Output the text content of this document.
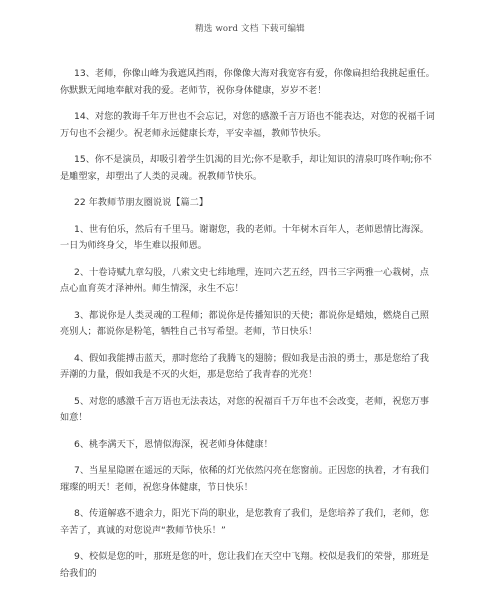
精选 word 文档 下载可编辑

13、老师，你像山峰为我遮风挡雨，你像像大海对我宽容有爱，你像扁担给我挑起重任。你默默无闻地奉献对我的爱。老师节，祝你身体健康，岁岁不老！

14、对您的教诲千年万世也不会忘记，对您的感激千言万语也不能表达，对您的祝福千词万句也不会褪少。祝老师永远健康长寿，平安幸福，教师节快乐。

15、你不是演员，却吸引着学生饥渴的目光;你不是歌手，却让知识的清泉叮咚作响;你不是雕塑家，却塑出了人类的灵魂。祝教师节快乐。

22 年教师节朋友圈说说【篇二】

1、世有伯乐，然后有千里马。谢谢您，我的老师。十年树木百年人，老师恩情比海深。一日为师终身父，毕生难以报师恩。

2、十卷诗赋九章勾股，八索文史七纬地理，连同六艺五经，四书三字两雅一心栽树，点点心血育英才泽神州。师生情深，永生不忘！

3、都说你是人类灵魂的工程师；都说你是传播知识的天使；都说你是蜡烛，燃烧自己照亮别人；都说你是粉笔，牺牲自己书写希望。老师，节日快乐！

4、假如我能搏击蓝天，那时您给了我腾飞的翅膀；假如我是击浪的勇士，那是您给了我弄潮的力量，假如我是不灭的火炬，那是您给了我青春的光亮！

5、对您的感激千言万语也无法表达，对您的祝福百千万年也不会改变，老师，祝您万事如意！

6、桃李满天下，恩情似海深，祝老师身体健康！

7、当星星隐匿在遥远的天际，依稀的灯光依然闪亮在您窗前。正因您的执着，才有我们璀璨的明天！老师，祝您身体健康，节日快乐！

8、传道解惑不遗余力，阳光下尚的职业，是您教育了我们，是您培养了我们，老师，您辛苦了，真诚的对您说声“教师节快乐！”

9、校似是您的叶，那班是您的叶，您让我们在天空中飞翔。校似是我们的荣誉，那班是给我们的
